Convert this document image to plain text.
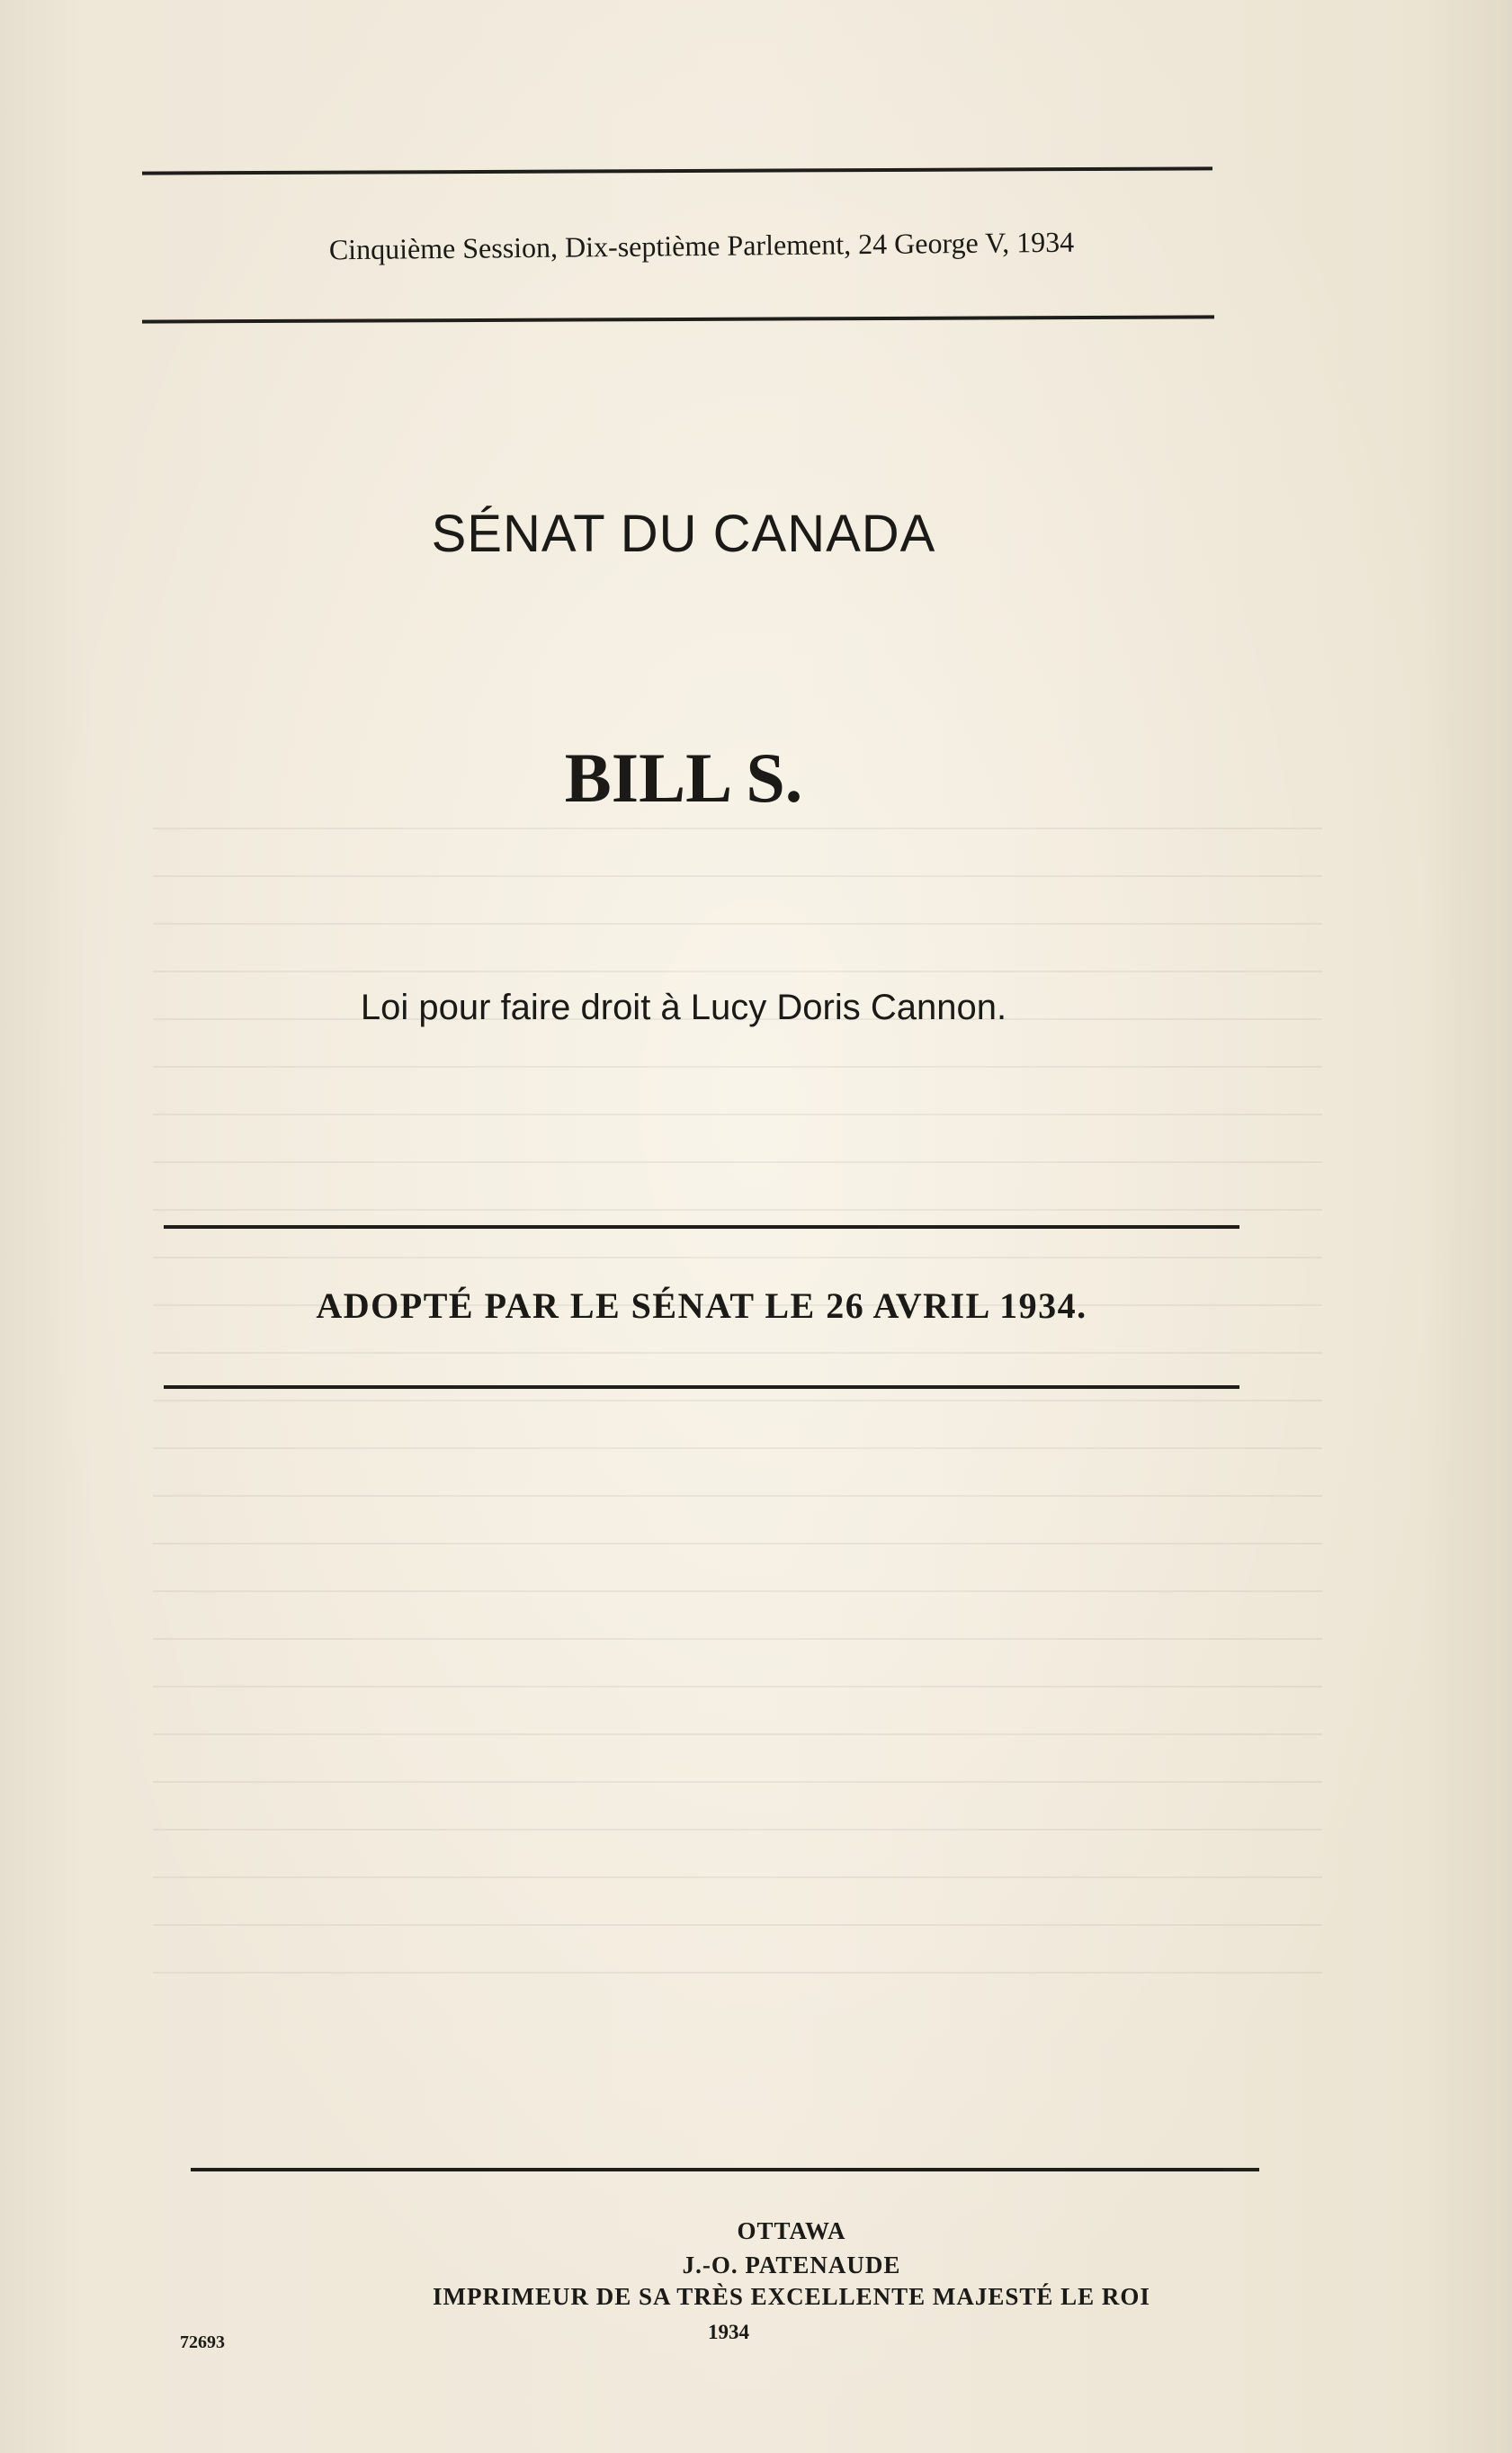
Cinquième Session, Dix-septième Parlement, 24 George V, 1934
SÉNAT DU CANADA
BILL S.
Loi pour faire droit à Lucy Doris Cannon.
ADOPTÉ PAR LE SÉNAT LE 26 AVRIL 1934.
OTTAWA
J.-O. PATENAUDE
IMPRIMEUR DE SA TRÈS EXCELLENTE MAJESTÉ LE ROI
1934
72693
